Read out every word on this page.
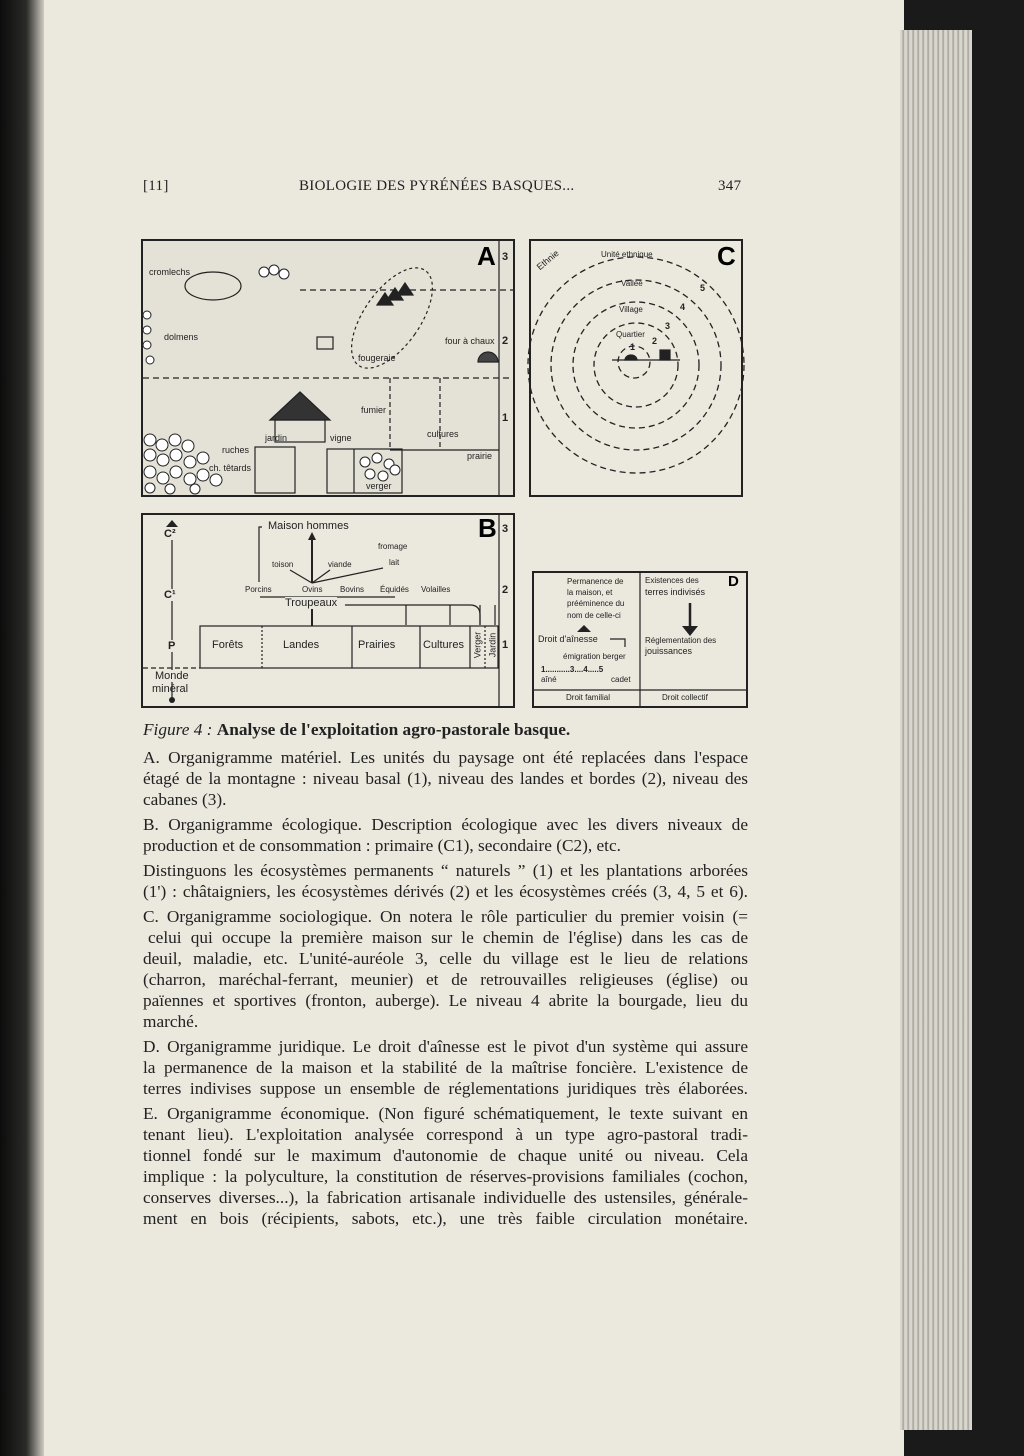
[11]	BIOLOGIE DES PYRÉNÉES BASQUES...	347
A 3
2
1
cromlechs
dolmens
fougeraie
four à chaux
fumier
jardin	vigne	cultures
ruches
ch. têtards
prairie
verger
C
Ethnie	Unité ethnique
Vallée
Village
Quartier
1
2
3
4
5
B 3
2
1
C²
C¹
P
Monde
minéral
Maison hommes
fromage
toison	viande	lait
Porcins	Ovins Bovins Équidés Volailles
Troupeaux
Forêts	Landes	Prairies	Cultures Verger Jardin
D
Permanence de
la maison, et
prééminence du
nom de celle-ci
Droit d'aînesse
émigration berger
1...........3....4.....5
aîné	cadet
Existences des
terres indivisés
Réglementation des
jouissances
Droit familial	Droit collectif
Figure 4 : Analyse de l'exploitation agro-pastorale basque.
A. Organigramme matériel. Les unités du paysage ont été replacées dans l'espace
étagé de la montagne : niveau basal (1), niveau des landes et bordes (2), niveau des
cabanes (3).
B. Organigramme écologique. Description écologique avec les divers niveaux de
production et de consommation : primaire (C1), secondaire (C2), etc.
Distinguons les écosystèmes permanents “ naturels ” (1) et les plantations arborées
(1') : châtaigniers, les écosystèmes dérivés (2) et les écosystèmes créés (3, 4, 5 et 6).
C. Organigramme sociologique. On notera le rôle particulier du premier voisin (=
celui qui occupe la première maison sur le chemin de l'église) dans les cas de
deuil, maladie, etc. L'unité-auréole 3, celle du village est le lieu de relations
(charron, maréchal-ferrant, meunier) et de retrouvailles religieuses (église) ou
païennes et sportives (fronton, auberge). Le niveau 4 abrite la bourgade, lieu du
marché.
D. Organigramme juridique. Le droit d'aînesse est le pivot d'un système qui assure
la permanence de la maison et la stabilité de la maîtrise foncière. L'existence de
terres indivises suppose un ensemble de réglementations juridiques très élaborées.
E. Organigramme économique. (Non figuré schématiquement, le texte suivant en
tenant lieu). L'exploitation analysée correspond à un type agro-pastoral tradi-
tionnel fondé sur le maximum d'autonomie de chaque unité ou niveau. Cela
implique : la polyculture, la constitution de réserves-provisions familiales (cochon,
conserves diverses...), la fabrication artisanale individuelle des ustensiles, générale-
ment en bois (récipients, sabots, etc.), une très faible circulation monétaire.
